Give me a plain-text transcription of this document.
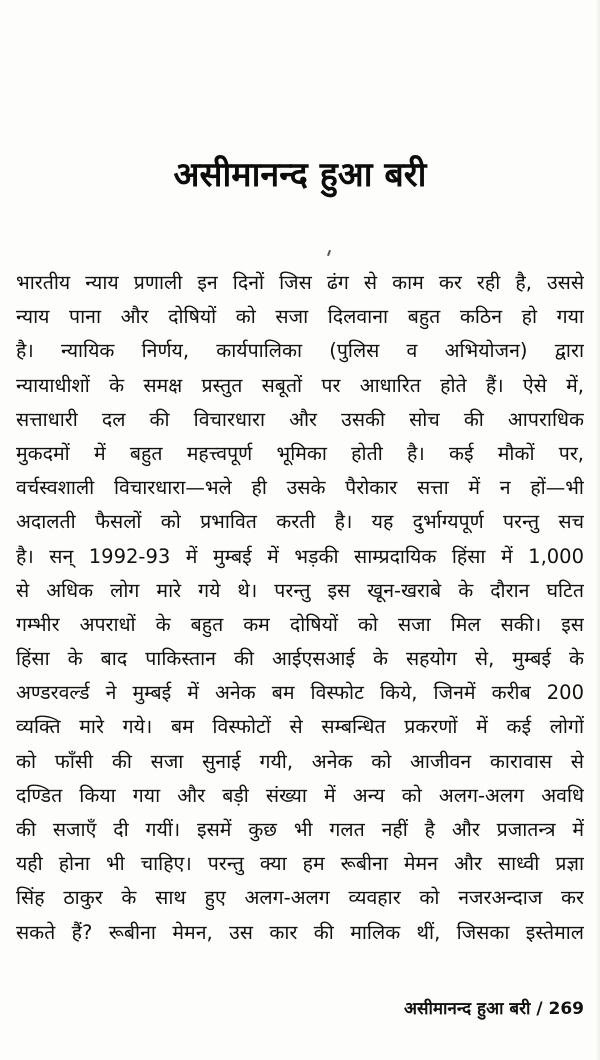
असीमानन्द हुआ बरी
भारतीय न्याय प्रणाली इन दिनों जिस ढंग से काम कर रही है, उससे
न्याय पाना और दोषियों को सजा दिलवाना बहुत कठिन हो गया
है। न्यायिक निर्णय, कार्यपालिका (पुलिस व अभियोजन) द्वारा
न्यायाधीशों के समक्ष प्रस्तुत सबूतों पर आधारित होते हैं। ऐसे में,
सत्ताधारी दल की विचारधारा और उसकी सोच की आपराधिक
मुकदमों में बहुत महत्त्वपूर्ण भूमिका होती है। कई मौकों पर,
वर्चस्वशाली विचारधारा—भले ही उसके पैरोकार सत्ता में न हों—भी
अदालती फैसलों को प्रभावित करती है। यह दुर्भाग्यपूर्ण परन्तु सच
है। सन् 1992-93 में मुम्बई में भड़की साम्प्रदायिक हिंसा में 1,000
से अधिक लोग मारे गये थे। परन्तु इस खून-खराबे के दौरान घटित
गम्भीर अपराधों के बहुत कम दोषियों को सजा मिल सकी। इस
हिंसा के बाद पाकिस्तान की आईएसआई के सहयोग से, मुम्बई के
अण्डरवर्ल्ड ने मुम्बई में अनेक बम विस्फोट किये, जिनमें करीब 200
व्यक्ति मारे गये। बम विस्फोटों से सम्बन्धित प्रकरणों में कई लोगों
को फाँसी की सजा सुनाई गयी, अनेक को आजीवन कारावास से
दण्डित किया गया और बड़ी संख्या में अन्य को अलग-अलग अवधि
की सजाएँ दी गयीं। इसमें कुछ भी गलत नहीं है और प्रजातन्त्र में
यही होना भी चाहिए। परन्तु क्या हम रूबीना मेमन और साध्वी प्रज्ञा
सिंह ठाकुर के साथ हुए अलग-अलग व्यवहार को नजरअन्दाज कर
सकते हैं? रूबीना मेमन, उस कार की मालिक थीं, जिसका इस्तेमाल
असीमानन्द हुआ बरी / 269
